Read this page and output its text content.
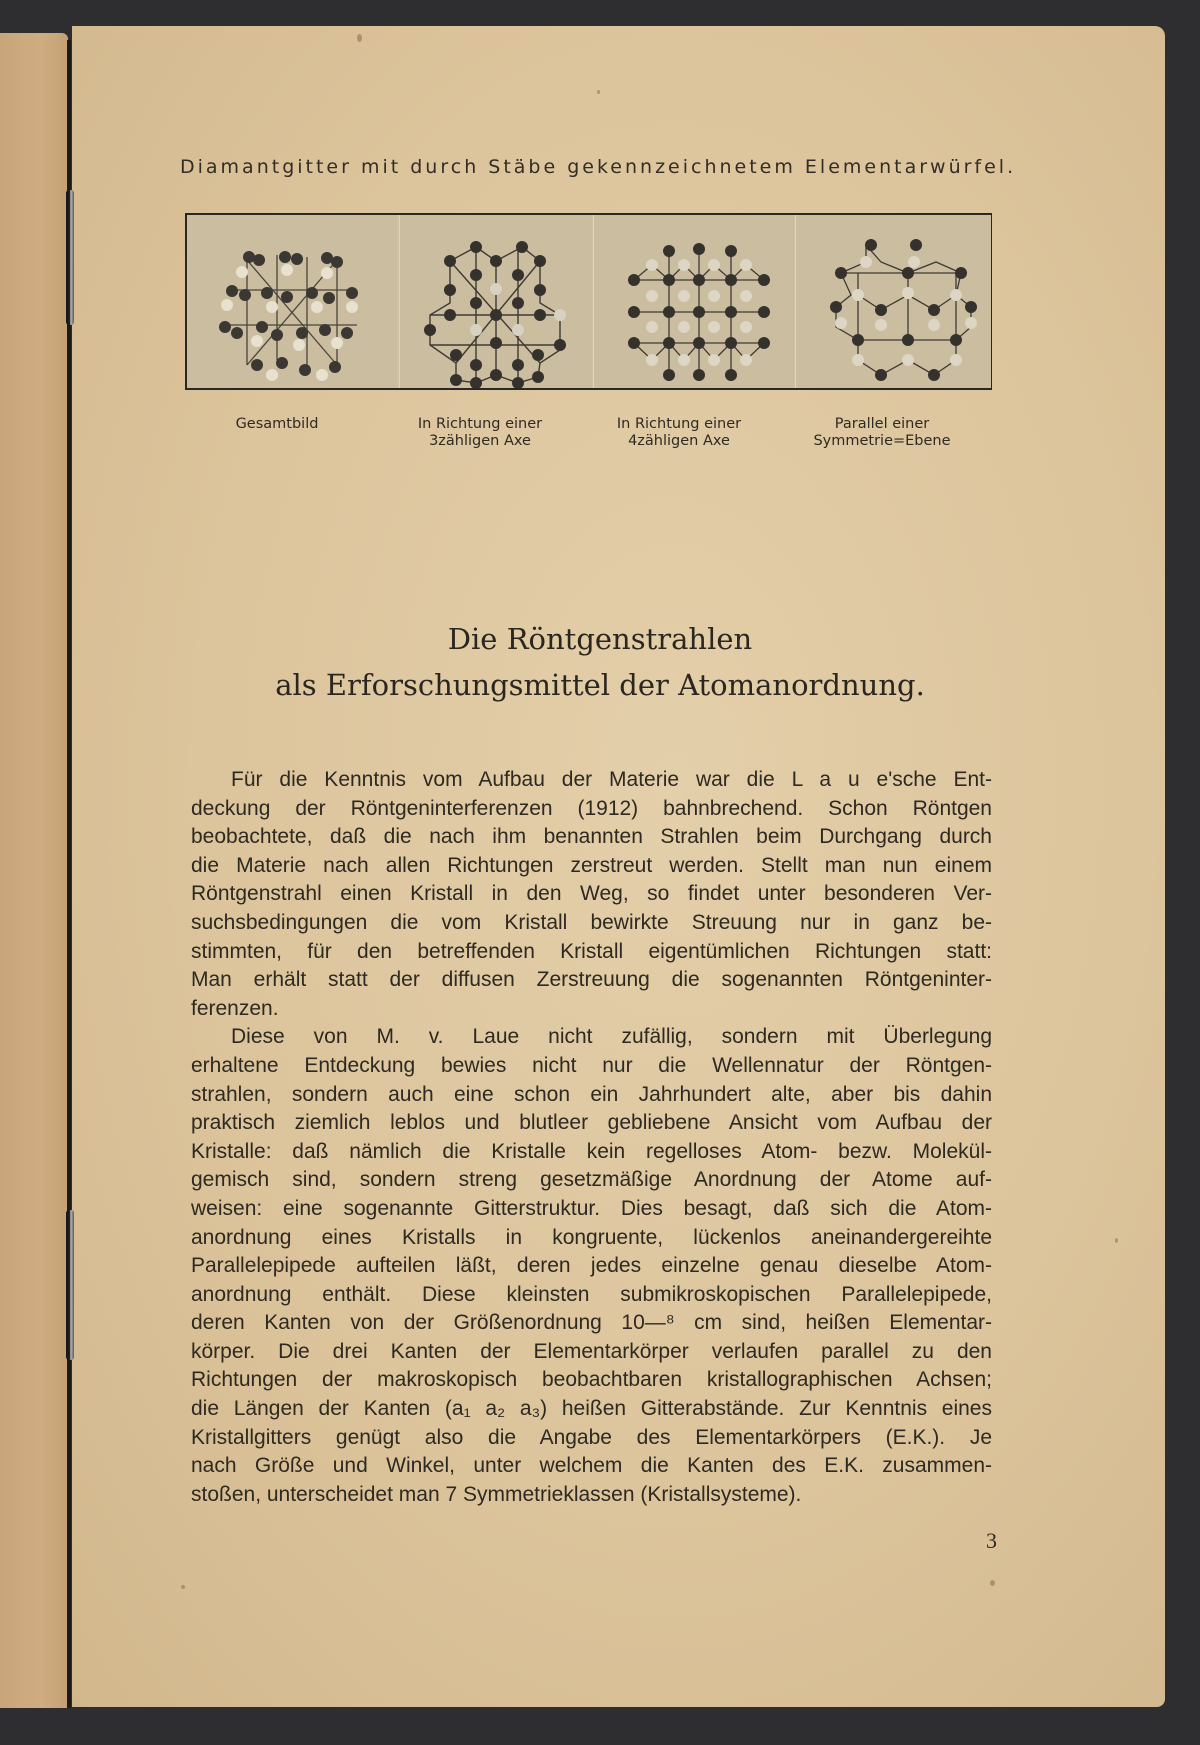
Diamantgitter mit durch Stäbe gekennzeichnetem Elementarwürfel.
Gesamtbild	In Richtung einer
3zähligen Axe
In Richtung einer
4zähligen Axe
Parallel einer
Symmetrie=Ebene
Die Röntgenstrahlen
als Erforschungsmittel der Atomanordnung.
Für die Kenntnis vom Aufbau der Materie war die L a u e'sche Ent-
deckung der Röntgeninterferenzen (1912) bahnbrechend. Schon Röntgen
beobachtete, daß die nach ihm benannten Strahlen beim Durchgang durch
die Materie nach allen Richtungen zerstreut werden. Stellt man nun einem
Röntgenstrahl einen Kristall in den Weg, so findet unter besonderen Ver-
suchsbedingungen die vom Kristall bewirkte Streuung nur in ganz be-
stimmten, für den betreffenden Kristall eigentümlichen Richtungen statt:
Man erhält statt der diffusen Zerstreuung die sogenannten Röntgeninter-
ferenzen.
Diese von M. v. Laue nicht zufällig, sondern mit Überlegung
erhaltene Entdeckung bewies nicht nur die Wellennatur der Röntgen-
strahlen, sondern auch eine schon ein Jahrhundert alte, aber bis dahin
praktisch ziemlich leblos und blutleer gebliebene Ansicht vom Aufbau der
Kristalle: daß nämlich die Kristalle kein regelloses Atom- bezw. Molekül-
gemisch sind, sondern streng gesetzmäßige Anordnung der Atome auf-
weisen: eine sogenannte Gitterstruktur. Dies besagt, daß sich die Atom-
anordnung eines Kristalls in kongruente, lückenlos aneinandergereihte
Parallelepipede aufteilen läßt, deren jedes einzelne genau dieselbe Atom-
anordnung enthält. Diese kleinsten submikroskopischen Parallelepipede,
deren Kanten von der Größenordnung 10—⁸ cm sind, heißen Elementar-
körper. Die drei Kanten der Elementarkörper verlaufen parallel zu den
Richtungen der makroskopisch beobachtbaren kristallographischen Achsen;
die Längen der Kanten (a₁ a₂ a₃) heißen Gitterabstände. Zur Kenntnis eines
Kristallgitters genügt also die Angabe des Elementarkörpers (E.K.). Je
nach Größe und Winkel, unter welchem die Kanten des E.K. zusammen-
stoßen, unterscheidet man 7 Symmetrieklassen (Kristallsysteme).
3
